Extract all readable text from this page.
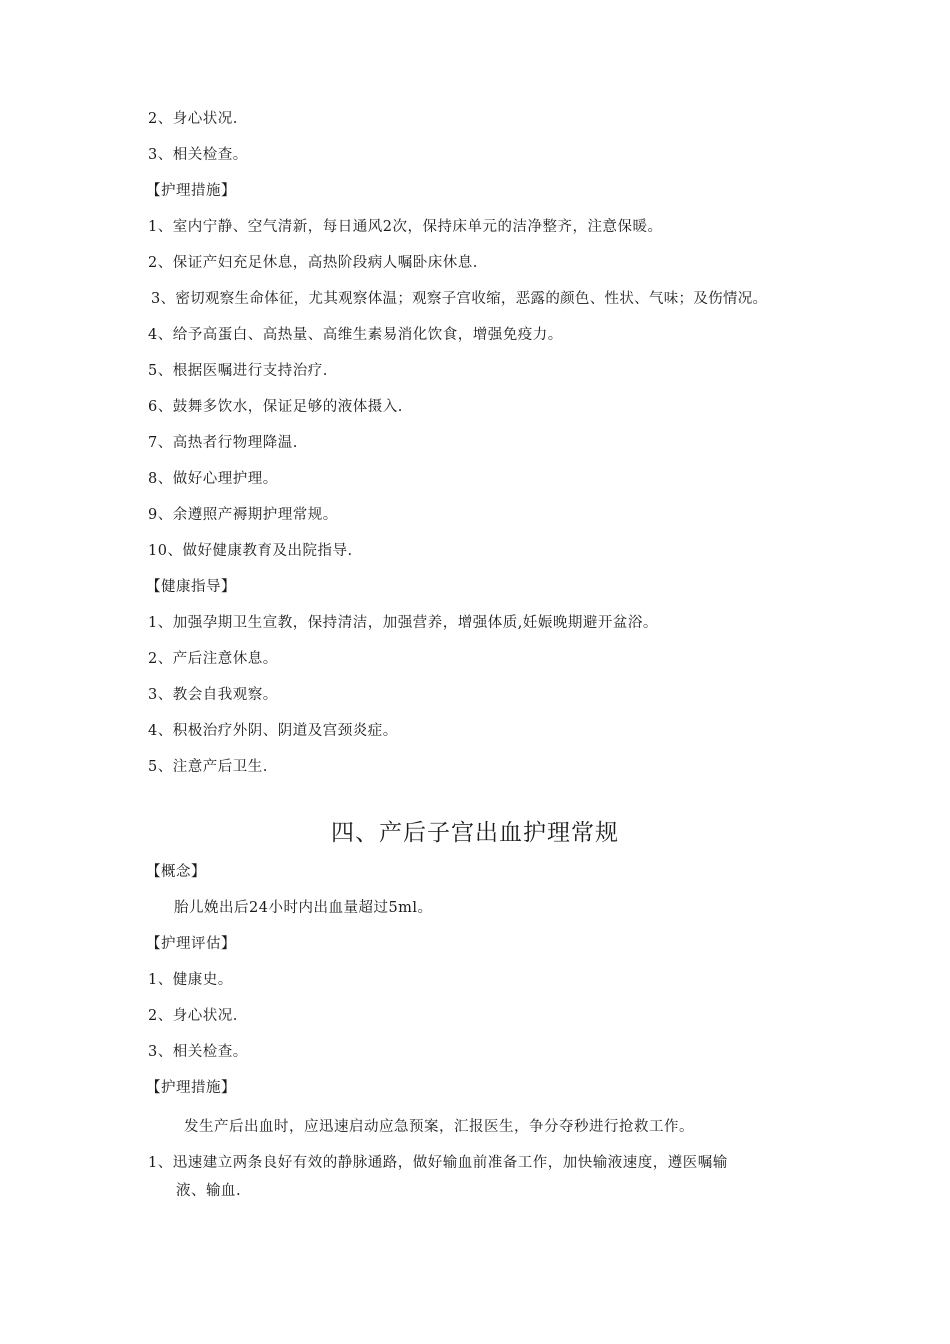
2、身心状况.
3、相关检查。
【护理措施】
1、室内宁静、空气清新，每日通风2次，保持床单元的洁净整齐，注意保暖。
2、保证产妇充足休息，高热阶段病人嘱卧床休息.
3、密切观察生命体征，尤其观察体温；观察子宫收缩，恶露的颜色、性状、气味；及伤情况。
4、给予高蛋白、高热量、高维生素易消化饮食，增强免疫力。
5、根据医嘱进行支持治疗.
6、鼓舞多饮水，保证足够的液体摄入.
7、高热者行物理降温.
8、做好心理护理。
9、余遵照产褥期护理常规。
10、做好健康教育及出院指导.
【健康指导】
1、加强孕期卫生宣教，保持清洁，加强营养，增强体质,妊娠晚期避开盆浴。
2、产后注意休息。
3、教会自我观察。
4、积极治疗外阴、阴道及宫颈炎症。
5、注意产后卫生.
四、产后子宫出血护理常规
【概念】
胎儿娩出后24小时内出血量超过5ml。
【护理评估】
1、健康史。
2、身心状况.
3、相关检查。
【护理措施】
发生产后出血时，应迅速启动应急预案，汇报医生，争分夺秒进行抢救工作。
1、迅速建立两条良好有效的静脉通路，做好输血前准备工作，加快输液速度，遵医嘱输
液、输血.
